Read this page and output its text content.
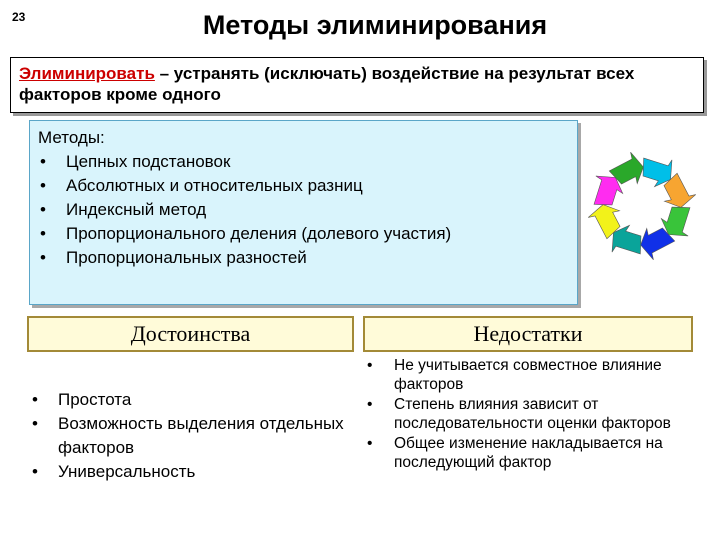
23	Методы элиминирования
Элиминировать – устранять (исключать) воздействие на результат всех факторов кроме одного
Методы:
• Цепных подстановок
• Абсолютных и относительных разниц
• Индексный метод
• Пропорционального деления (долевого участия)
• Пропорциональных разностей
Достоинства	Недостатки
• Простота
• Возможность выделения отдельных факторов
• Универсальность
• Не учитывается совместное влияние факторов
• Степень влияния зависит от последовательности оценки факторов
• Общее изменение накладывается на последующий фактор
